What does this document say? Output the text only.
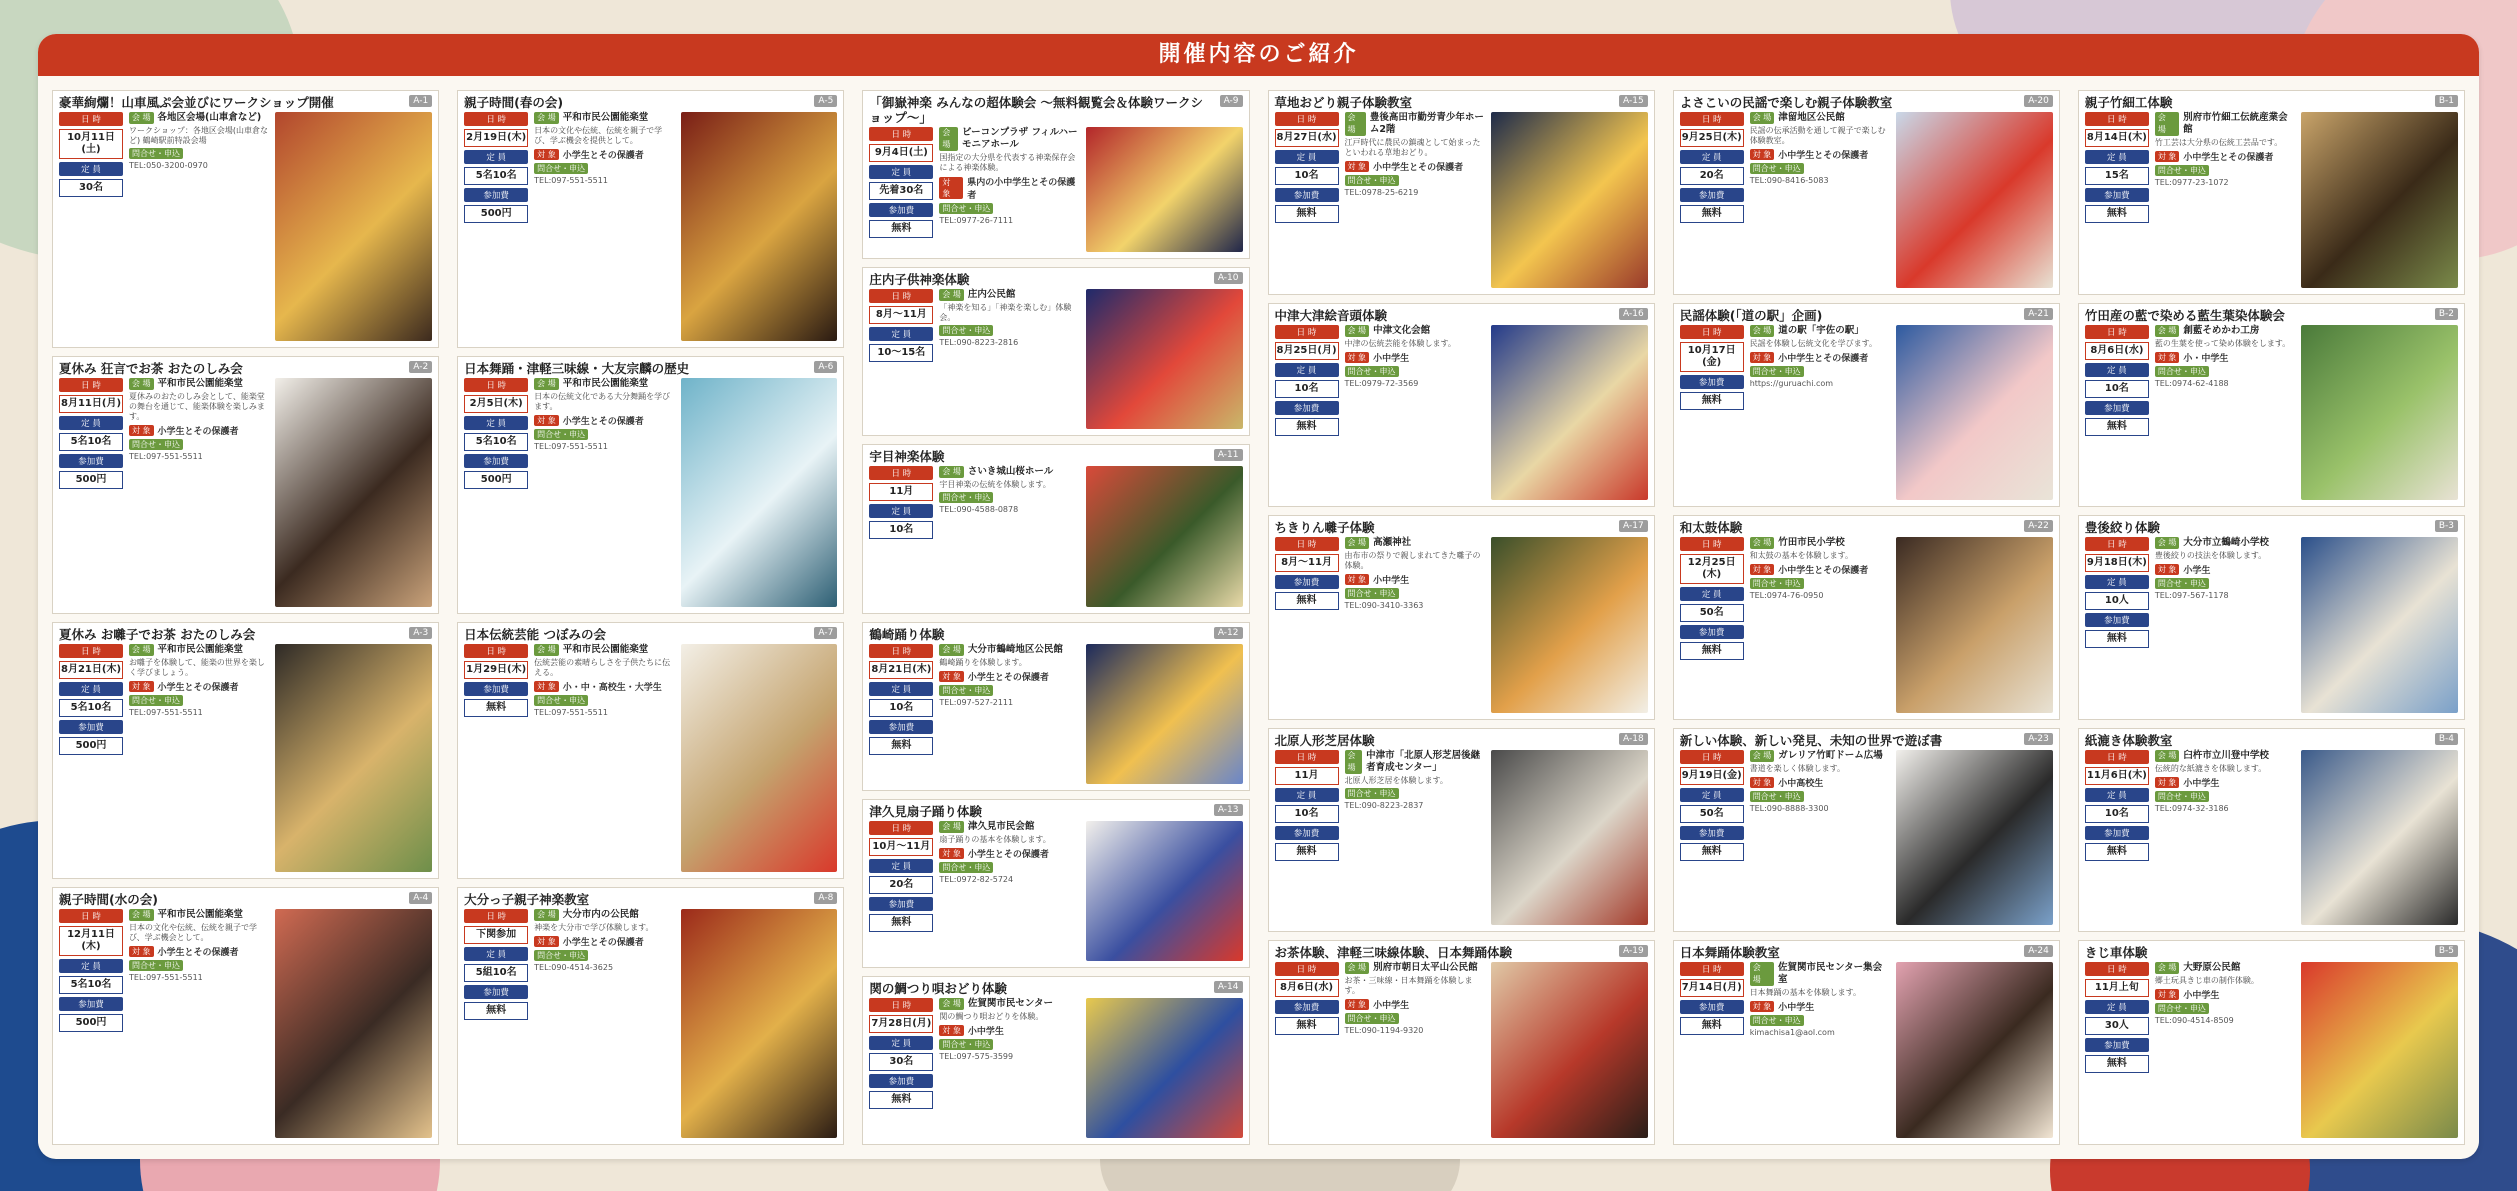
開催内容のご紹介
豪華絢爛！山車風ぷ会並びにワークショップ開催	A-1
日 時
10月11日(土)
定 員
30名
会 場 各地区会場(山車倉など)
ワークショップ：各地区会場(山車倉など) 鶴崎駅前特設会場
問合せ・申込
TEL:050-3200-0970
夏休み 狂言でお茶 おたのしみ会	A-2
日 時
8月11日(月)
定 員
5名10名
参加費
500円
会 場 平和市民公園能楽堂
夏休みのおたのしみ会として、能楽堂の舞台を通じて、能楽体験を楽しみます。
対 象 小学生とその保護者
問合せ・申込
TEL:097-551-5511
夏休み お囃子でお茶 おたのしみ会	A-3
日 時
8月21日(木)
定 員
5名10名
参加費
500円
会 場 平和市民公園能楽堂
お囃子を体験して、能楽の世界を楽しく学びましょう。
対 象 小学生とその保護者
問合せ・申込
TEL:097-551-5511
親子時間(水の会)	A-4
日 時
12月11日(木)
定 員
5名10名
参加費
500円
会 場 平和市民公園能楽堂
日本の文化や伝統、伝統を親子で学び、学ぶ機会として。
対 象 小学生とその保護者
問合せ・申込
TEL:097-551-5511
親子時間(春の会)	A-5
日 時
2月19日(木)
定 員
5名10名
参加費
500円
会 場 平和市民公園能楽堂
日本の文化や伝統、伝統を親子で学び、学ぶ機会を提供として。
対 象 小学生とその保護者
問合せ・申込
TEL:097-551-5511
日本舞踊・津軽三味線・大友宗麟の歴史	A-6
日 時
2月5日(木)
定 員
5名10名
参加費
500円
会 場 平和市民公園能楽堂
日本の伝統文化である大分舞踊を学びます。
対 象 小学生とその保護者
問合せ・申込
TEL:097-551-5511
日本伝統芸能 つぼみの会	A-7
日 時
1月29日(木)
参加費
無料
会 場 平和市民公園能楽堂
伝統芸能の素晴らしさを子供たちに伝える。
対 象 小・中・高校生・大学生
問合せ・申込
TEL:097-551-5511
大分っ子親子神楽教室	A-8
日 時
下関参加
定 員
5組10名
参加費
無料
会 場 大分市内の公民館
神楽を大分市で学び体験します。
対 象 小学生とその保護者
問合せ・申込
TEL:090-4514-3625
「御嶽神楽 みんなの超体験会 ～無料観覧会＆体験ワークショップ～」
A-9
日 時
9月4日(土)
定 員
先着30名
参加費
無料
会 場
ビーコンプラザ フィルハーモニアホール
国指定の大分県を代表する神楽保存会による神楽体験。
対 象
県内の小中学生とその保護者
問合せ・申込
TEL:0977-26-7111
庄内子供神楽体験	A-10
日 時
8月～11月
定 員
10～15名
会 場 庄内公民館
「神楽を知る」「神楽を楽しむ」体験会。
問合せ・申込
TEL:090-8223-2816
宇目神楽体験	A-11
日 時
11月
定 員
10名
会 場 さいき城山桜ホール
宇目神楽の伝統を体験します。
問合せ・申込
TEL:090-4588-0878
鶴崎踊り体験	A-12
日 時
8月21日(木)
定 員
10名
参加費
無料
会 場 大分市鶴崎地区公民館
鶴崎踊りを体験します。
対 象 小学生とその保護者
問合せ・申込
TEL:097-527-2111
津久見扇子踊り体験	A-13
日 時
10月～11月
定 員
20名
参加費
無料
会 場 津久見市民会館
扇子踊りの基本を体験します。
対 象 小学生とその保護者
問合せ・申込
TEL:0972-82-5724
関の鯛つり唄おどり体験	A-14
日 時
7月28日(月)
定 員
30名
参加費
無料
会 場 佐賀関市民センター
関の鯛つり唄おどりを体験。
対 象 小中学生
問合せ・申込
TEL:097-575-3599
草地おどり親子体験教室	A-15
日 時
8月27日(水)
定 員
10名
参加費
無料
会 場
豊後高田市勤労青少年ホーム2階
江戸時代に農民の鎮魂として始まったといわれる草地おどり。
対 象 小中学生とその保護者
問合せ・申込
TEL:0978-25-6219
中津大津絵音頭体験	A-16
日 時
8月25日(月)
定 員
10名
参加費
無料
会 場 中津文化会館
中津の伝統芸能を体験します。
対 象 小中学生
問合せ・申込
TEL:0979-72-3569
ちきりん囃子体験	A-17
日 時
8月～11月
参加費
無料
会 場 高瀬神社
由布市の祭りで親しまれてきた囃子の体験。
対 象 小中学生
問合せ・申込
TEL:090-3410-3363
北原人形芝居体験	A-18
日 時
11月
定 員
10名
参加費
無料
会 場
中津市「北原人形芝居後継者育成センター」
北原人形芝居を体験します。
問合せ・申込
TEL:090-8223-2837
お茶体験、津軽三味線体験、日本舞踊体験	A-19
日 時
8月6日(水)
参加費
無料
会 場 別府市朝日太平山公民館
お茶・三味線・日本舞踊を体験します。
対 象 小中学生
問合せ・申込
TEL:090-1194-9320
よさこいの民謡で楽しむ親子体験教室	A-20
日 時
9月25日(木)
定 員
20名
参加費
無料
会 場 津留地区公民館
民謡の伝承活動を通して親子で楽しむ体験教室。
対 象 小中学生とその保護者
問合せ・申込
TEL:090-8416-5083
民謡体験(「道の駅」企画)	A-21
日 時
10月17日(金)
参加費
無料
会 場 道の駅「宇佐の駅」
民謡を体験し伝統文化を学びます。
対 象 小中学生とその保護者
問合せ・申込
https://guruachi.com
和太鼓体験	A-22
日 時
12月25日(木)
定 員
50名
参加費
無料
会 場 竹田市民小学校
和太鼓の基本を体験します。
対 象 小中学生とその保護者
問合せ・申込
TEL:0974-76-0950
新しい体験、新しい発見、未知の世界で遊ぼ書	A-23
日 時
9月19日(金)
定 員
50名
参加費
無料
会 場 ガレリア竹町ドーム広場
書道を楽しく体験します。
対 象 小中高校生
問合せ・申込
TEL:090-8888-3300
日本舞踊体験教室	A-24
日 時
7月14日(月)
参加費
無料
会 場
佐賀関市民センター集会室
日本舞踊の基本を体験します。
対 象 小中学生
問合せ・申込
kimachisa1@aol.com
親子竹細工体験	B-1
日 時
8月14日(木)
定 員
15名
参加費
無料
会 場
別府市竹細工伝統産業会館
竹工芸は大分県の伝統工芸品です。
対 象 小中学生とその保護者
問合せ・申込
TEL:0977-23-1072
竹田産の藍で染める藍生葉染体験会	B-2
日 時
8月6日(水)
定 員
10名
参加費
無料
会 場 創藍そめかわ工房
藍の生葉を使って染め体験をします。
対 象 小・中学生
問合せ・申込
TEL:0974-62-4188
豊後絞り体験	B-3
日 時
9月18日(木)
定 員
10人
参加費
無料
会 場 大分市立鶴崎小学校
豊後絞りの技法を体験します。
対 象 小学生
問合せ・申込
TEL:097-567-1178
紙漉き体験教室	B-4
日 時
11月6日(木)
定 員
10名
参加費
無料
会 場 臼杵市立川登中学校
伝統的な紙漉きを体験します。
対 象 小中学生
問合せ・申込
TEL:0974-32-3186
きじ車体験	B-5
日 時
11月上旬
定 員
30人
参加費
無料
会 場 大野原公民館
郷土玩具きじ車の制作体験。
対 象 小中学生
問合せ・申込
TEL:090-4514-8509
